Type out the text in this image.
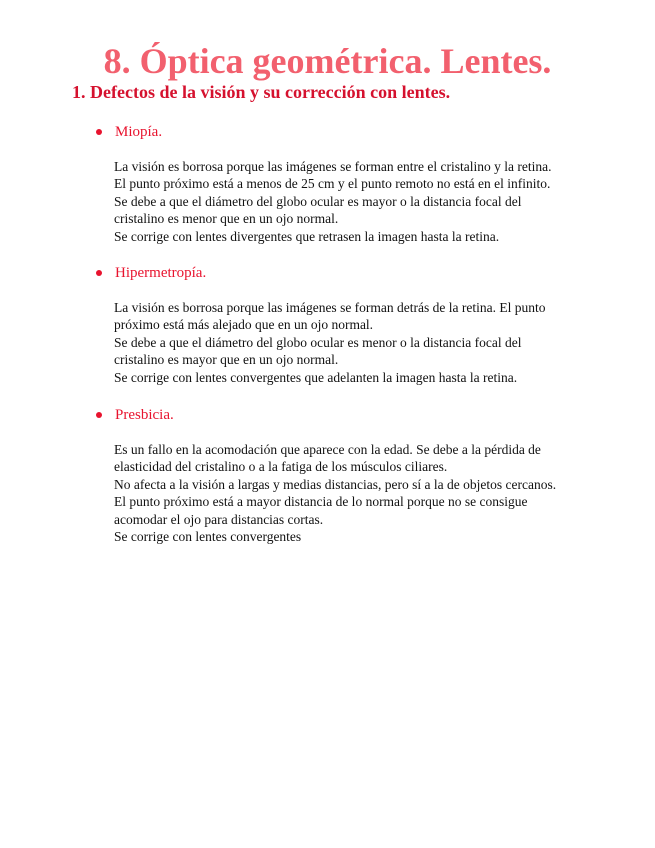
8. Óptica geométrica. Lentes.
1. Defectos de la visión y su corrección con lentes.
Miopía.

La visión es borrosa porque las imágenes se forman entre el cristalino y la retina.

El punto próximo está a menos de 25 cm y el punto remoto no está en el infinito.

Se debe a que el diámetro del globo ocular es mayor o la distancia focal del

cristalino es menor que en un ojo normal.

Se corrige con lentes divergentes que retrasen la imagen hasta la retina.

Hipermetropía.

La visión es borrosa porque las imágenes se forman detrás de la retina. El punto

próximo está más alejado que en un ojo normal.

Se debe a que el diámetro del globo ocular es menor o la distancia focal del

cristalino es mayor que en un ojo normal.

Se corrige con lentes convergentes que adelanten la imagen hasta la retina.

Presbicia.

Es un fallo en la acomodación que aparece con la edad. Se debe a la pérdida de

elasticidad del cristalino o a la fatiga de los músculos ciliares.

No afecta a la visión a largas y medias distancias, pero sí a la de objetos cercanos.

El punto próximo está a mayor distancia de lo normal porque no se consigue

acomodar el ojo para distancias cortas.

Se corrige con lentes convergentes
